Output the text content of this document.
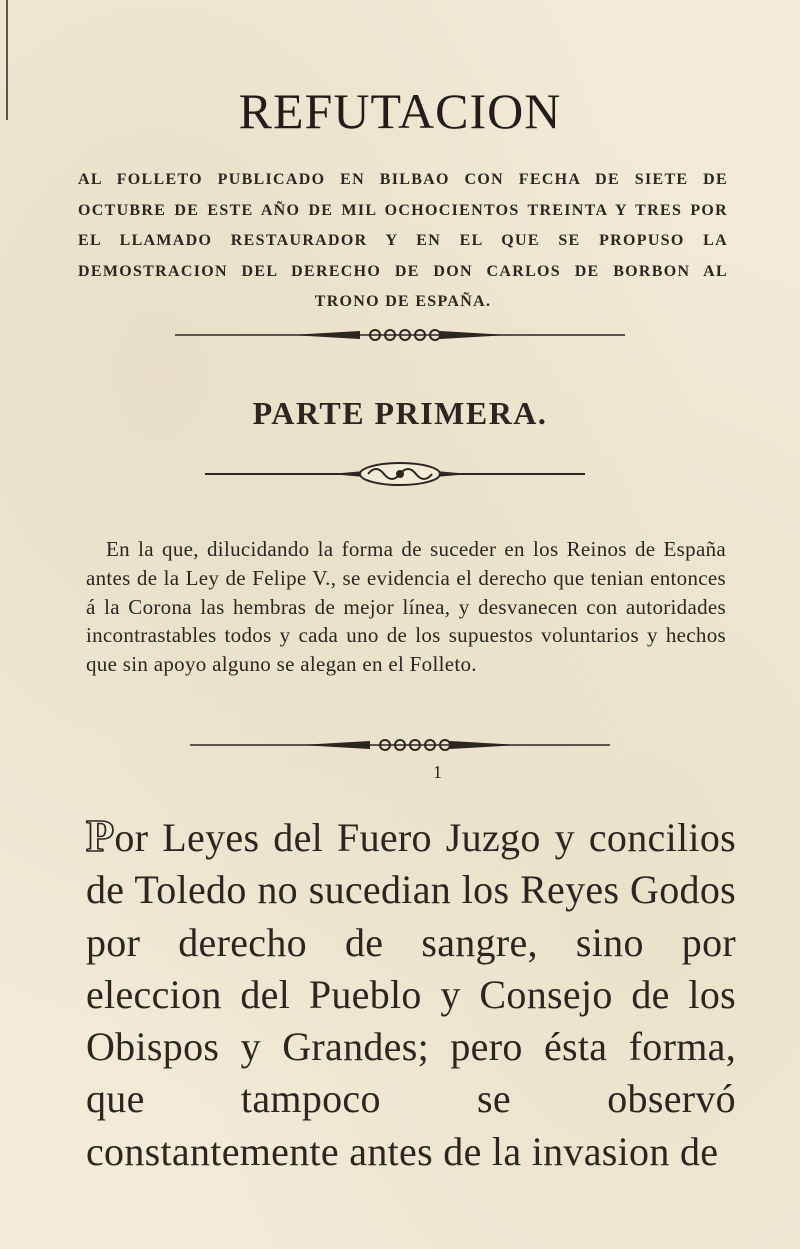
REFUTACION
AL FOLLETO PUBLICADO EN BILBAO CON FECHA DE SIETE DE OCTUBRE DE ESTE AÑO DE MIL OCHOCIENTOS TREINTA Y TRES POR EL LLAMADO RESTAURADOR Y EN EL QUE SE PROPUSO LA DEMOSTRACION DEL DERECHO DE DON CARLOS DE BORBON AL TRONO DE ESPAÑA.
PARTE PRIMERA.
En la que, dilucidando la forma de suceder en los Reinos de España antes de la Ley de Felipe V., se evidencia el derecho que tenian entonces á la Corona las hembras de mejor línea, y desvanecen con autoridades incontrastables todos y cada uno de los supuestos voluntarios y hechos que sin apoyo alguno se alegan en el Folleto.
1
Por Leyes del Fuero Juzgo y concilios de Toledo no sucedian los Reyes Godos por derecho de sangre, sino por eleccion del Pueblo y Consejo de los Obispos y Grandes; pero ésta forma, que tampoco se observó constantemente antes de la invasion de
